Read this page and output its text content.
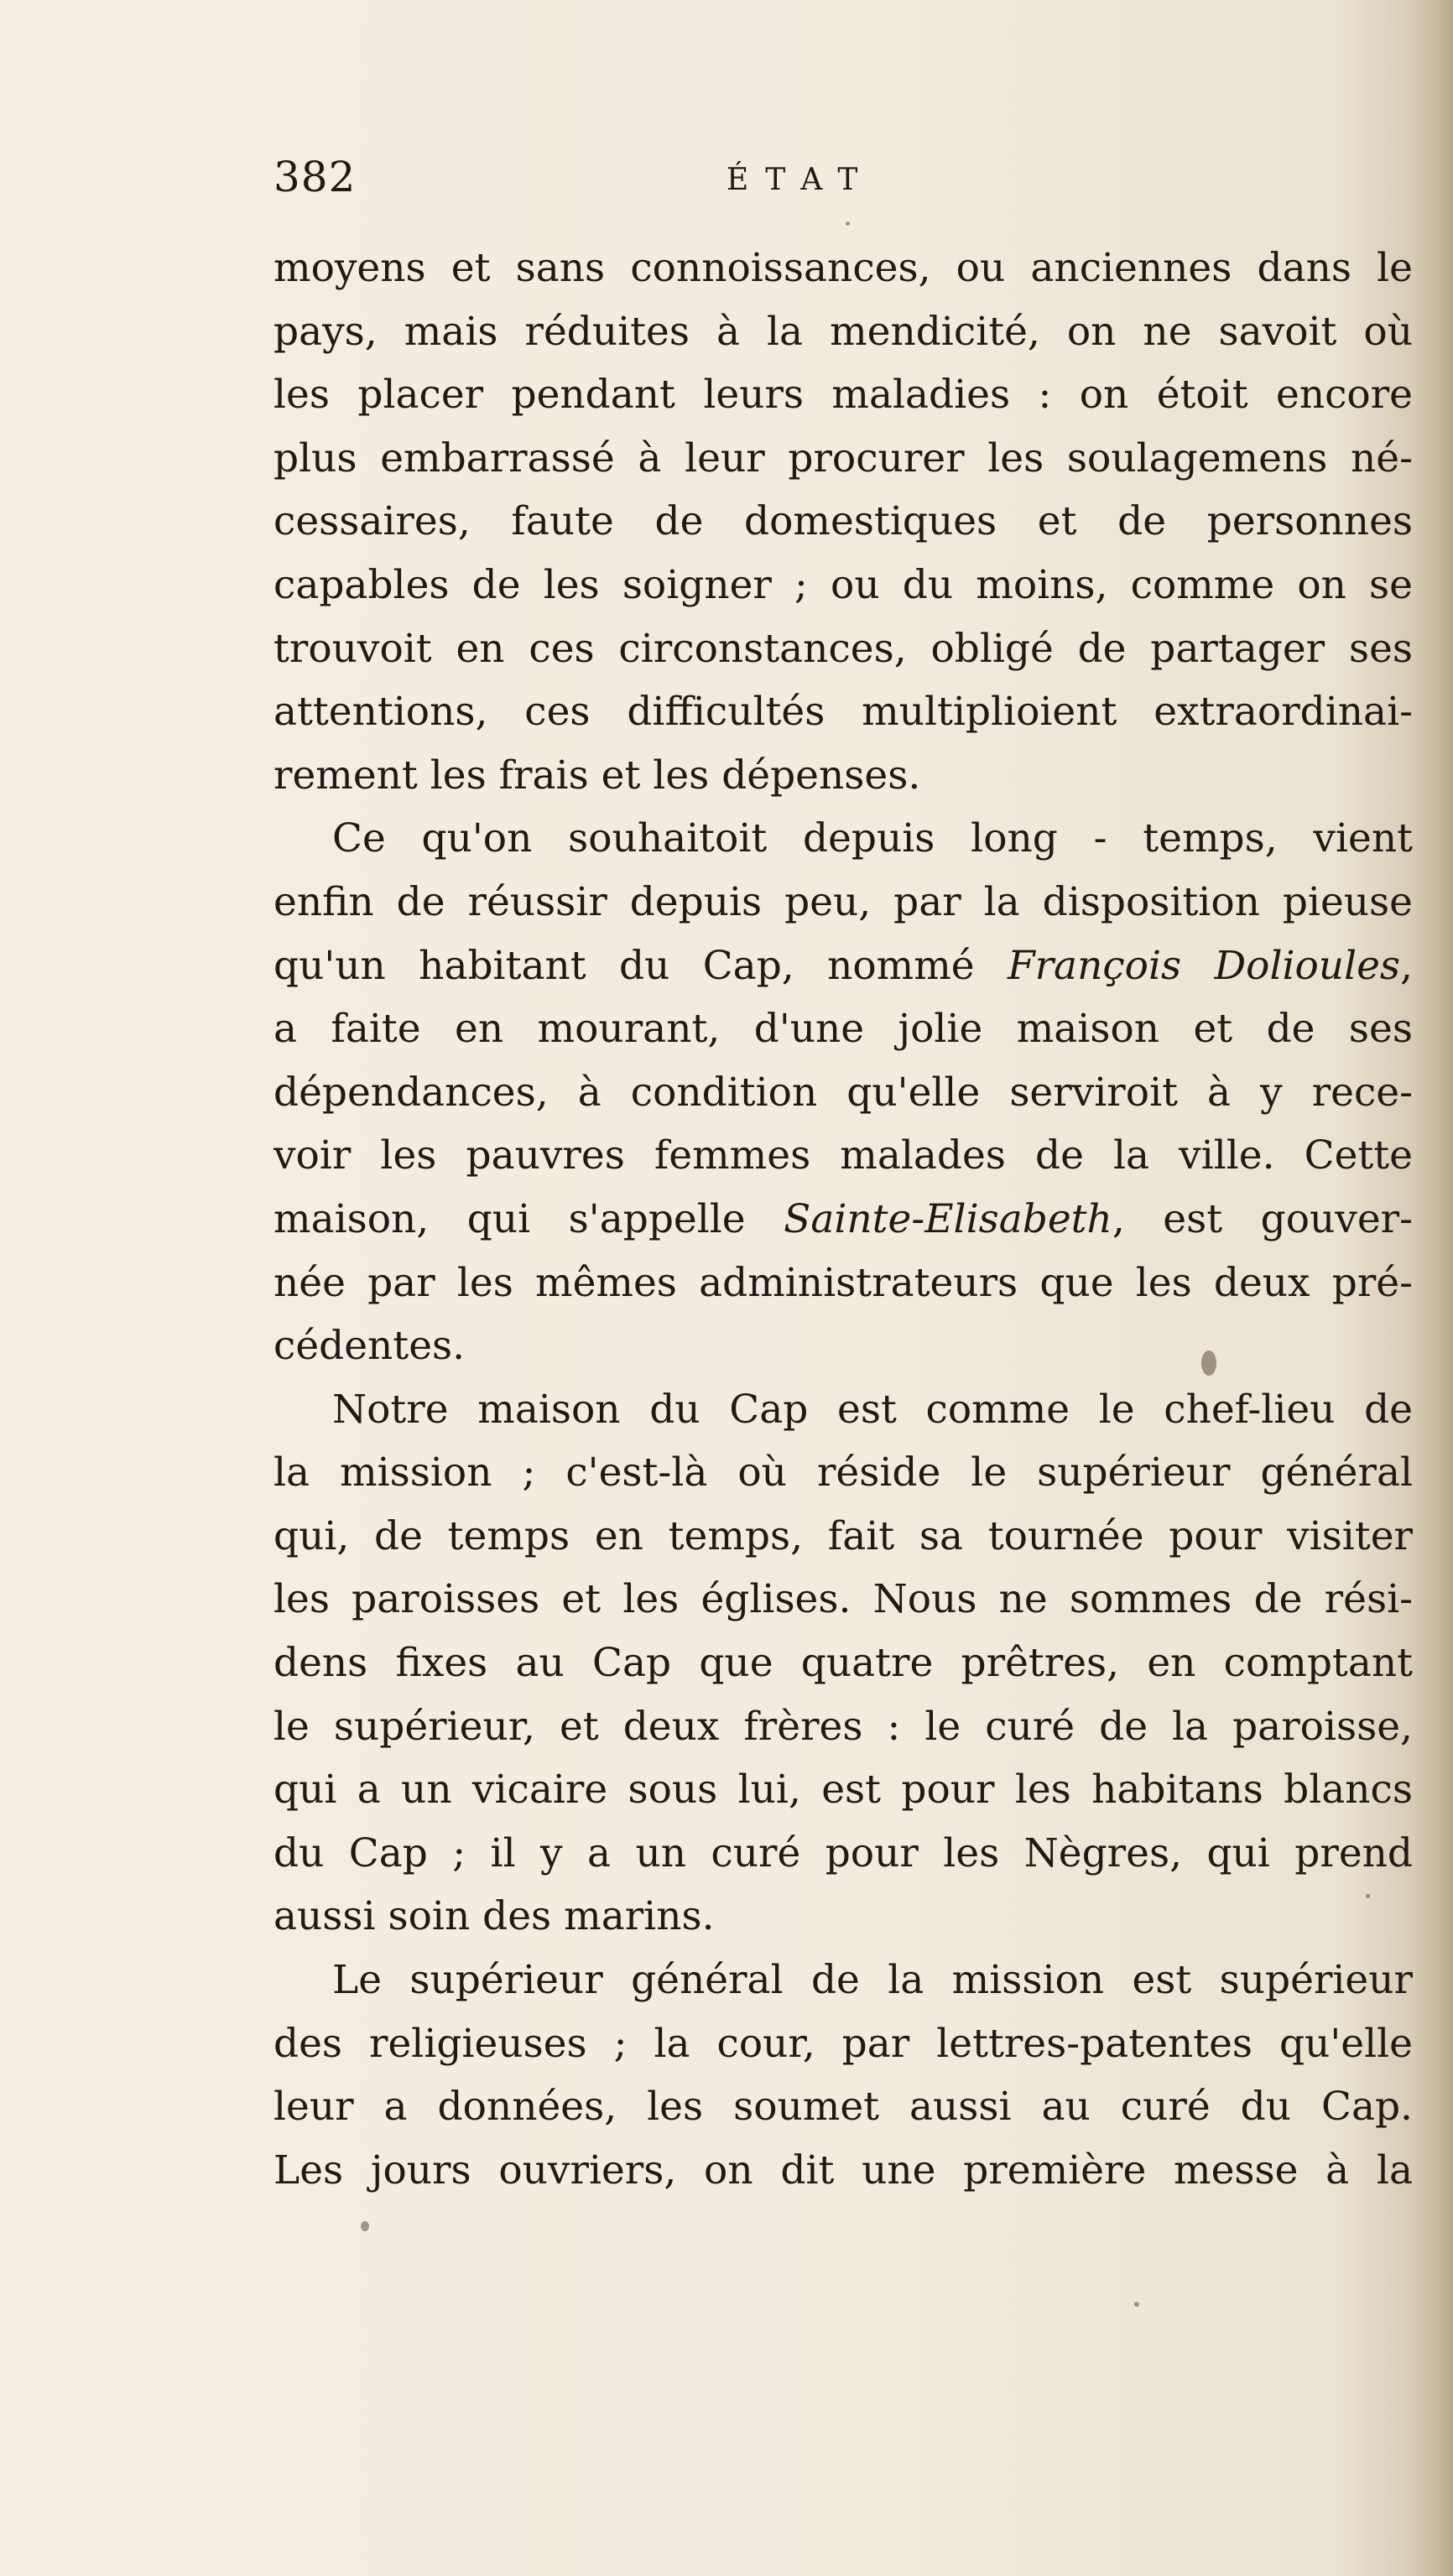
382	ÉTAT
moyens et sans connoissances, ou anciennes dans le
pays, mais réduites à la mendicité, on ne savoit où
les placer pendant leurs maladies : on étoit encore
plus embarrassé à leur procurer les soulagemens né-
cessaires, faute de domestiques et de personnes
capables de les soigner ; ou du moins, comme on se
trouvoit en ces circonstances, obligé de partager ses
attentions, ces difficultés multiplioient extraordinai-
rement les frais et les dépenses.
Ce qu'on souhaitoit depuis long - temps, vient
enfin de réussir depuis peu, par la disposition pieuse
qu'un habitant du Cap, nommé François Dolioules,
a faite en mourant, d'une jolie maison et de ses
dépendances, à condition qu'elle serviroit à y rece-
voir les pauvres femmes malades de la ville. Cette
maison, qui s'appelle Sainte-Elisabeth, est gouver-
née par les mêmes administrateurs que les deux pré-
cédentes.
Notre maison du Cap est comme le chef-lieu de
la mission ; c'est-là où réside le supérieur général
qui, de temps en temps, fait sa tournée pour visiter
les paroisses et les églises. Nous ne sommes de rési-
dens fixes au Cap que quatre prêtres, en comptant
le supérieur, et deux frères : le curé de la paroisse,
qui a un vicaire sous lui, est pour les habitans blancs
du Cap ; il y a un curé pour les Nègres, qui prend
aussi soin des marins.
Le supérieur général de la mission est supérieur
des religieuses ; la cour, par lettres-patentes qu'elle
leur a données, les soumet aussi au curé du Cap.
Les jours ouvriers, on dit une première messe à la
